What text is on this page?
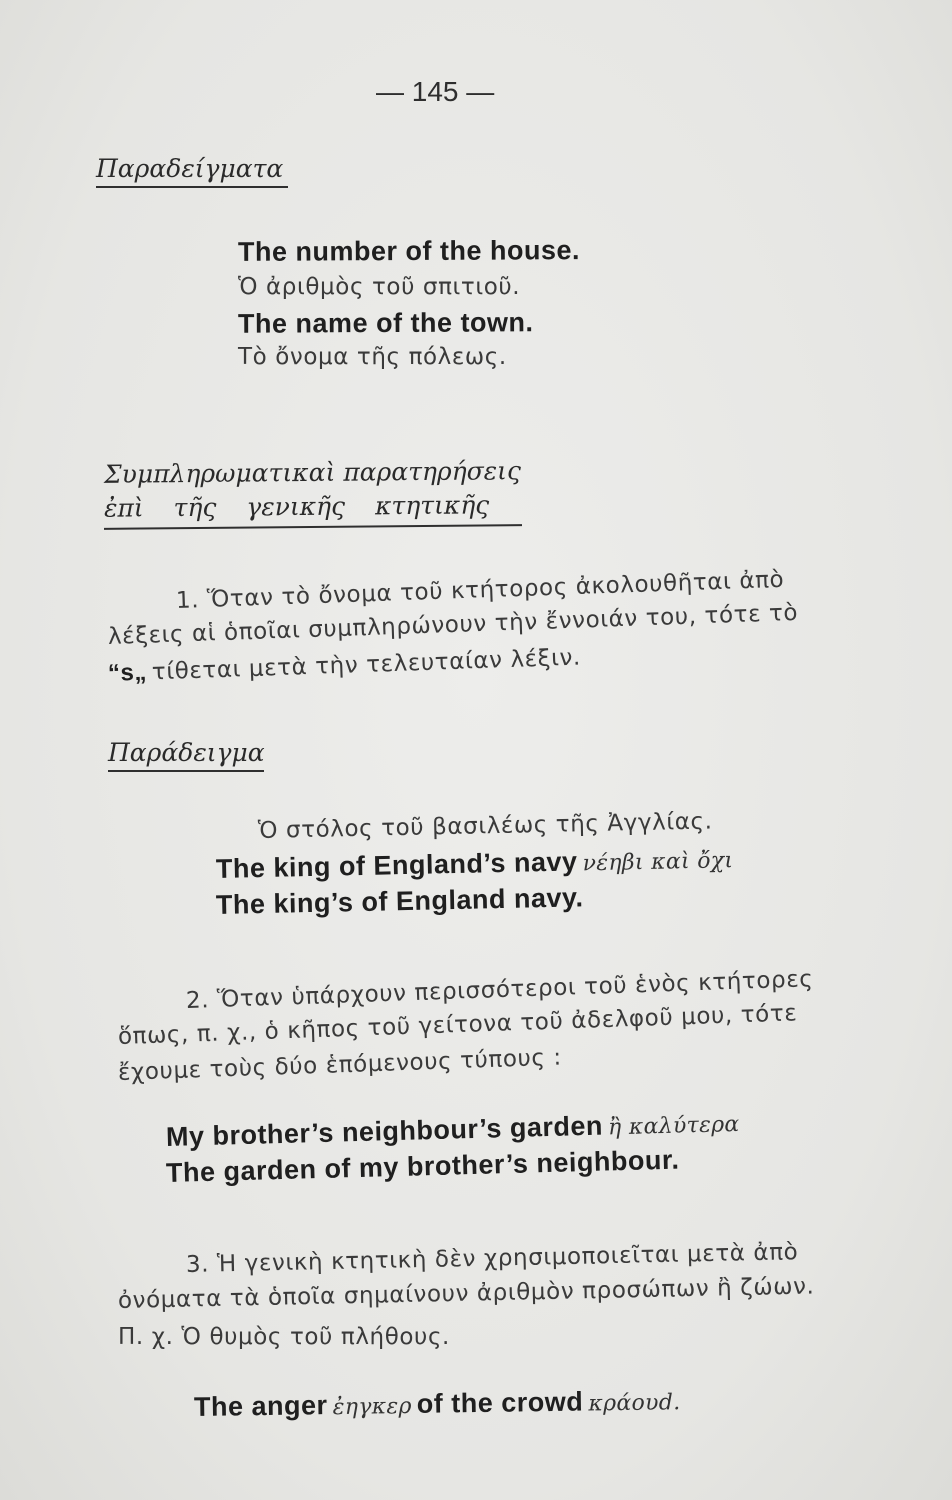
— 145 —
Παραδείγματα
The number of the house.
Ὁ ἀριθμὸς τοῦ σπιτιοῦ.
The name of the town.
Τὸ ὄνομα τῆς πόλεως.
Συμπληρωματικαὶ παρατηρήσεις
ἐπὶ τῆς γενικῆς κτητικῆς
1. Ὅταν τὸ ὄνομα τοῦ κτήτορος ἀκολουθῆται ἀπὸ
λέξεις αἱ ὁποῖαι συμπληρώνουν τὴν ἔννοιάν του, τότε τὸ
“s„ τίθεται μετὰ τὴν τελευταίαν λέξιν.
Παράδειγμα
Ὁ στόλος τοῦ βασιλέως τῆς Ἀγγλίας.
The king of England’s navy νέηβι καὶ ὄχι
The king’s of England navy.
2. Ὅταν ὑπάρχουν περισσότεροι τοῦ ἑνὸς κτήτορες
ὅπως, π. χ., ὁ κῆπος τοῦ γείτονα τοῦ ἀδελφοῦ μου, τότε
ἔχουμε τοὺς δύο ἑπόμενους τύπους :
My brother’s neighbour’s garden ἢ καλύτερα
The garden of my brother’s neighbour.
3. Ἡ γενικὴ κτητικὴ δὲν χρησιμοποιεῖται μετὰ ἀπὸ
ὀνόματα τὰ ὁποῖα σημαίνουν ἀριθμὸν προσώπων ἢ ζώων.
Π. χ. Ὁ θυμὸς τοῦ πλήθους.
The anger ἐηγκερ of the crowd κράουd.
